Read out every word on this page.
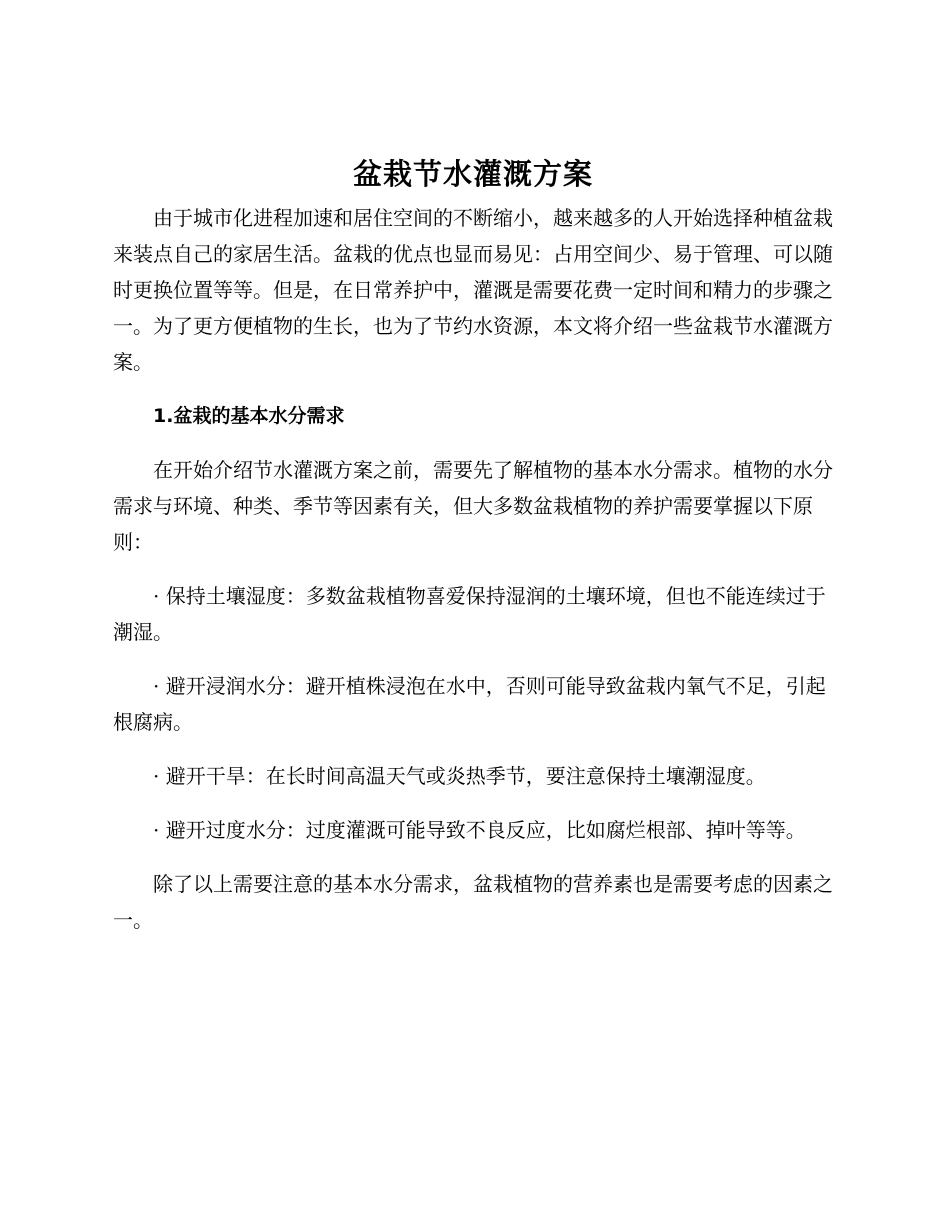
盆栽节水灌溉方案

由于城市化进程加速和居住空间的不断缩小，越来越多的人开始选择种植盆栽来装点自己的家居生活。盆栽的优点也显而易见：占用空间少、易于管理、可以随时更换位置等等。但是，在日常养护中，灌溉是需要花费一定时间和精力的步骤之一。为了更方便植物的生长，也为了节约水资源，本文将介绍一些盆栽节水灌溉方案。

1.盆栽的基本水分需求

在开始介绍节水灌溉方案之前，需要先了解植物的基本水分需求。植物的水分需求与环境、种类、季节等因素有关，但大多数盆栽植物的养护需要掌握以下原则：

· 保持土壤湿度：多数盆栽植物喜爱保持湿润的土壤环境，但也不能连续过于潮湿。

· 避开浸润水分：避开植株浸泡在水中，否则可能导致盆栽内氧气不足，引起根腐病。

· 避开干旱：在长时间高温天气或炎热季节，要注意保持土壤潮湿度。

· 避开过度水分：过度灌溉可能导致不良反应，比如腐烂根部、掉叶等等。

除了以上需要注意的基本水分需求，盆栽植物的营养素也是需要考虑的因素之一。
